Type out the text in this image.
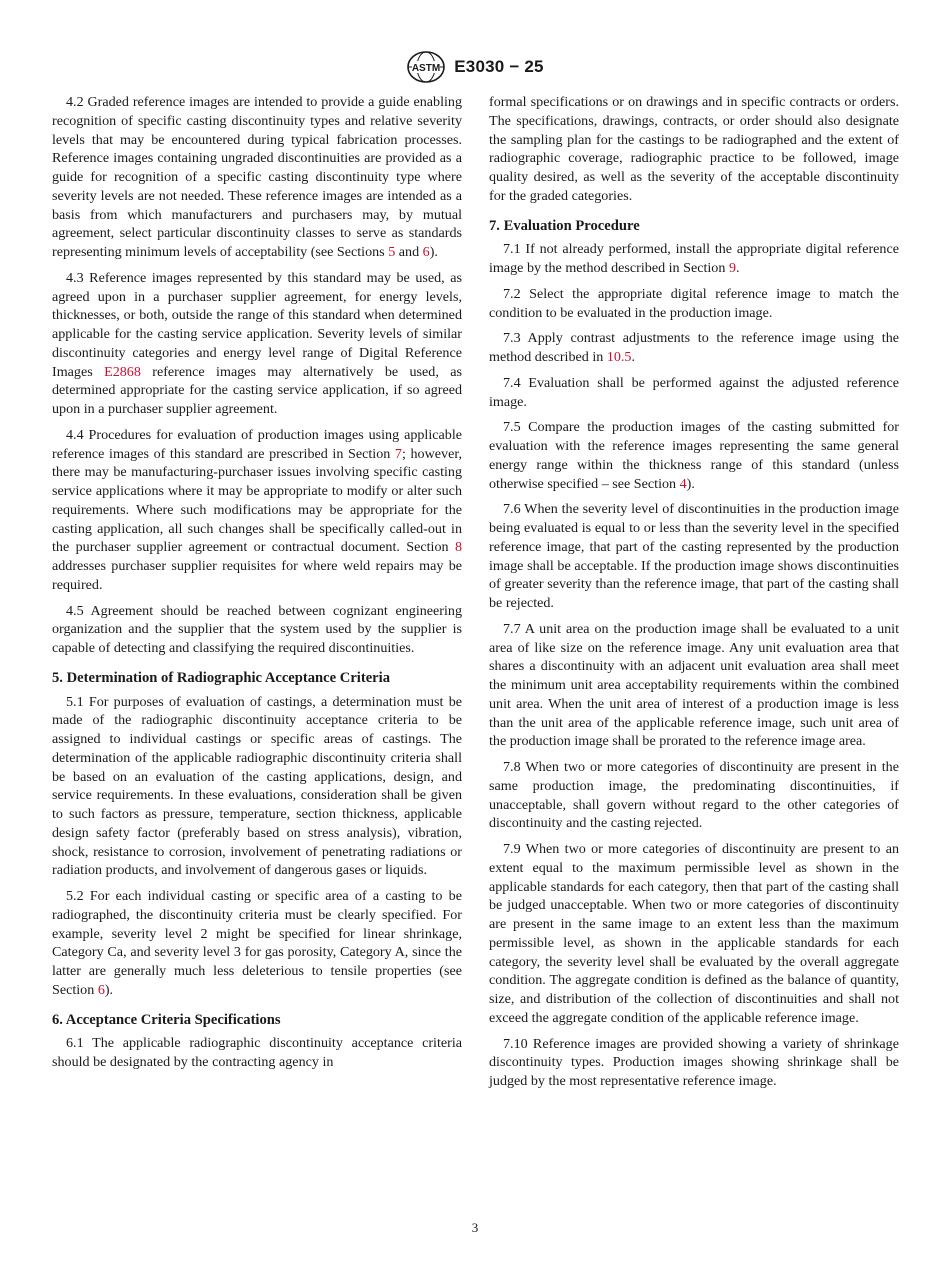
ASTM E3030 − 25

4.2 Graded reference images are intended to provide a guide enabling recognition of specific casting discontinuity types and relative severity levels that may be encountered during typical fabrication processes. Reference images containing ungraded discontinuities are provided as a guide for recognition of a specific casting discontinuity type where severity levels are not needed. These reference images are intended as a basis from which manufacturers and purchasers may, by mutual agreement, select particular discontinuity classes to serve as standards representing minimum levels of acceptability (see Sections 5 and 6).

4.3 Reference images represented by this standard may be used, as agreed upon in a purchaser supplier agreement, for energy levels, thicknesses, or both, outside the range of this standard when determined applicable for the casting service application. Severity levels of similar discontinuity categories and energy level range of Digital Reference Images E2868 reference images may alternatively be used, as determined appropriate for the casting service application, if so agreed upon in a purchaser supplier agreement.

4.4 Procedures for evaluation of production images using applicable reference images of this standard are prescribed in Section 7; however, there may be manufacturing-purchaser issues involving specific casting service applications where it may be appropriate to modify or alter such requirements. Where such modifications may be appropriate for the casting application, all such changes shall be specifically called-out in the purchaser supplier agreement or contractual document. Section 8 addresses purchaser supplier requisites for where weld repairs may be required.

4.5 Agreement should be reached between cognizant engineering organization and the supplier that the system used by the supplier is capable of detecting and classifying the required discontinuities.

5. Determination of Radiographic Acceptance Criteria

5.1 For purposes of evaluation of castings, a determination must be made of the radiographic discontinuity acceptance criteria to be assigned to individual castings or specific areas of castings. The determination of the applicable radiographic discontinuity criteria shall be based on an evaluation of the casting applications, design, and service requirements. In these evaluations, consideration shall be given to such factors as pressure, temperature, section thickness, applicable design safety factor (preferably based on stress analysis), vibration, shock, resistance to corrosion, involvement of penetrating radiations or radiation products, and involvement of dangerous gases or liquids.

5.2 For each individual casting or specific area of a casting to be radiographed, the discontinuity criteria must be clearly specified. For example, severity level 2 might be specified for linear shrinkage, Category Ca, and severity level 3 for gas porosity, Category A, since the latter are generally much less deleterious to tensile properties (see Section 6).

6. Acceptance Criteria Specifications

6.1 The applicable radiographic discontinuity acceptance criteria should be designated by the contracting agency in

formal specifications or on drawings and in specific contracts or orders. The specifications, drawings, contracts, or order should also designate the sampling plan for the castings to be radiographed and the extent of radiographic coverage, radiographic practice to be followed, image quality desired, as well as the severity of the acceptable discontinuity for the graded categories.

7. Evaluation Procedure

7.1 If not already performed, install the appropriate digital reference image by the method described in Section 9.

7.2 Select the appropriate digital reference image to match the condition to be evaluated in the production image.

7.3 Apply contrast adjustments to the reference image using the method described in 10.5.

7.4 Evaluation shall be performed against the adjusted reference image.

7.5 Compare the production images of the casting submitted for evaluation with the reference images representing the same general energy range within the thickness range of this standard (unless otherwise specified – see Section 4).

7.6 When the severity level of discontinuities in the production image being evaluated is equal to or less than the severity level in the specified reference image, that part of the casting represented by the production image shall be acceptable. If the production image shows discontinuities of greater severity than the reference image, that part of the casting shall be rejected.

7.7 A unit area on the production image shall be evaluated to a unit area of like size on the reference image. Any unit evaluation area that shares a discontinuity with an adjacent unit evaluation area shall meet the minimum unit area acceptability requirements within the combined unit area. When the unit area of interest of a production image is less than the unit area of the applicable reference image, such unit area of the production image shall be prorated to the reference image area.

7.8 When two or more categories of discontinuity are present in the same production image, the predominating discontinuities, if unacceptable, shall govern without regard to the other categories of discontinuity and the casting rejected.

7.9 When two or more categories of discontinuity are present to an extent equal to the maximum permissible level as shown in the applicable standards for each category, then that part of the casting shall be judged unacceptable. When two or more categories of discontinuity are present in the same image to an extent less than the maximum permissible level, as shown in the applicable standards for each category, the severity level shall be evaluated by the overall aggregate condition. The aggregate condition is defined as the balance of quantity, size, and distribution of the collection of discontinuities and shall not exceed the aggregate condition of the applicable reference image.

7.10 Reference images are provided showing a variety of shrinkage discontinuity types. Production images showing shrinkage shall be judged by the most representative reference image.

3
